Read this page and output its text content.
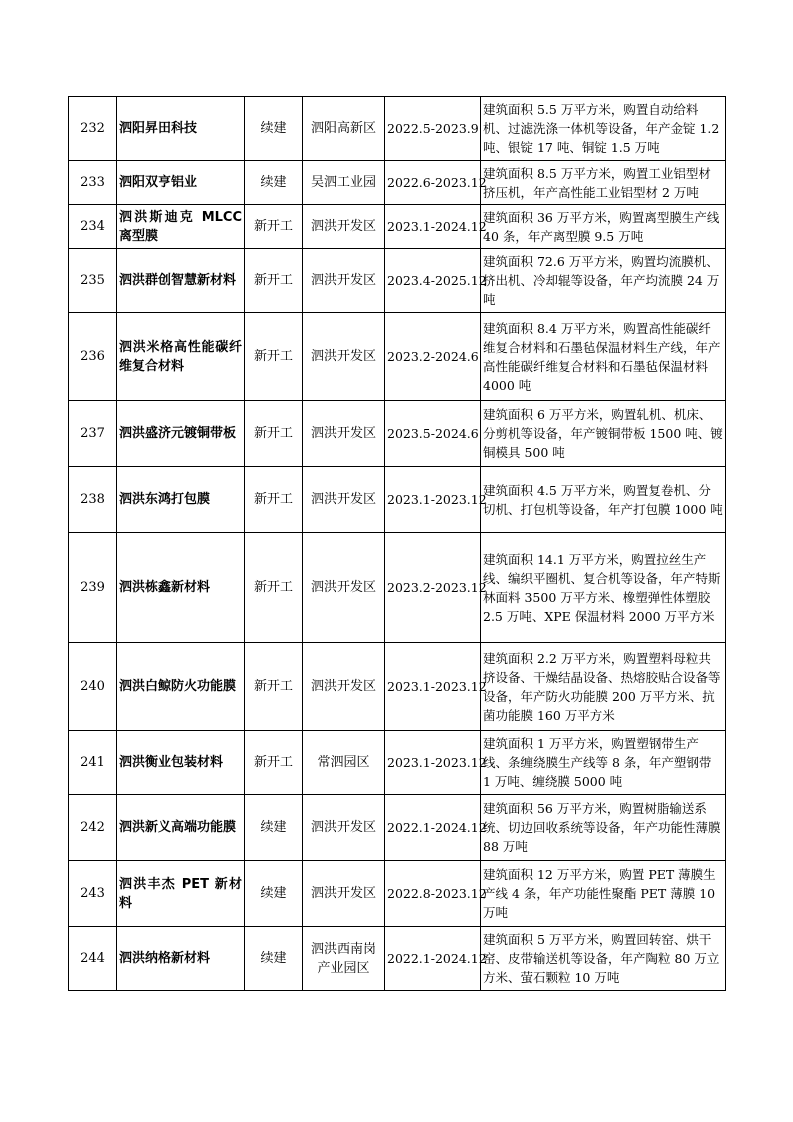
232	泗阳昇田科技	续建	泗阳高新区	2022.5-2023.9	建筑面积 5.5 万平方米，购置自动给料机、过滤洗涤一体机等设备，年产金锭 1.2 吨、银锭 17 吨、铜锭 1.5 万吨
233	泗阳双亨铝业	续建	吴泗工业园	2022.6-2023.12	建筑面积 8.5 万平方米，购置工业铝型材挤压机，年产高性能工业铝型材 2 万吨
234	泗洪斯迪克 MLCC 离型膜	新开工	泗洪开发区	2023.1-2024.12	建筑面积 36 万平方米，购置离型膜生产线 40 条，年产离型膜 9.5 万吨
235	泗洪群创智慧新材料	新开工	泗洪开发区	2023.4-2025.12	建筑面积 72.6 万平方米，购置均流膜机、挤出机、冷却辊等设备，年产均流膜 24 万吨
236	泗洪米格高性能碳纤维复合材料	新开工	泗洪开发区	2023.2-2024.6	建筑面积 8.4 万平方米，购置高性能碳纤维复合材料和石墨毡保温材料生产线，年产高性能碳纤维复合材料和石墨毡保温材料 4000 吨
237	泗洪盛济元镀铜带板	新开工	泗洪开发区	2023.5-2024.6	建筑面积 6 万平方米，购置轧机、机床、分剪机等设备，年产镀铜带板 1500 吨、镀铜模具 500 吨
238	泗洪东鸿打包膜	新开工	泗洪开发区	2023.1-2023.12	建筑面积 4.5 万平方米，购置复卷机、分切机、打包机等设备，年产打包膜 1000 吨
239	泗洪栋鑫新材料	新开工	泗洪开发区	2023.2-2023.12	建筑面积 14.1 万平方米，购置拉丝生产线、编织平圈机、复合机等设备，年产特斯林面料 3500 万平方米、橡塑弹性体塑胶 2.5 万吨、XPE 保温材料 2000 万平方米
240	泗洪白鲸防火功能膜	新开工	泗洪开发区	2023.1-2023.12	建筑面积 2.2 万平方米，购置塑料母粒共挤设备、干燥结晶设备、热熔胶贴合设备等设备，年产防火功能膜 200 万平方米、抗菌功能膜 160 万平方米
241	泗洪衡业包装材料	新开工	常泗园区	2023.1-2023.12	建筑面积 1 万平方米，购置塑钢带生产线、条缠绕膜生产线等 8 条，年产塑钢带 1 万吨、缠绕膜 5000 吨
242	泗洪新义高端功能膜	续建	泗洪开发区	2022.1-2024.12	建筑面积 56 万平方米，购置树脂输送系统、切边回收系统等设备，年产功能性薄膜 88 万吨
243	泗洪丰杰 PET 新材料	续建	泗洪开发区	2022.8-2023.12	建筑面积 12 万平方米，购置 PET 薄膜生产线 4 条，年产功能性聚酯 PET 薄膜 10 万吨
244	泗洪纳格新材料	续建	泗洪西南岗产业园区	2022.1-2024.12	建筑面积 5 万平方米，购置回转窑、烘干窑、皮带输送机等设备，年产陶粒 80 万立方米、萤石颗粒 10 万吨
